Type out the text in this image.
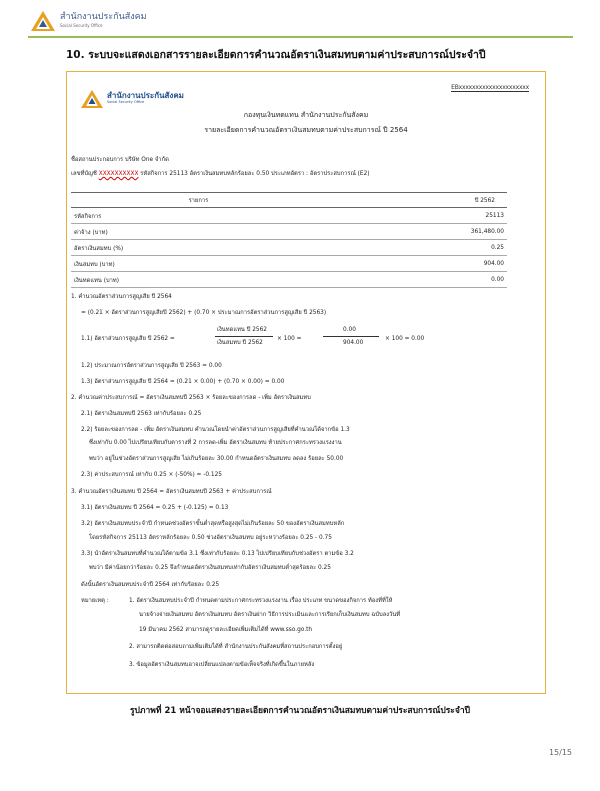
สำนักงานประกันสังคม
Social Security Office
10. ระบบจะแสดงเอกสารรายละเอียดการคำนวณอัตราเงินสมทบตามค่าประสบการณ์ประจำปี
EBxxxxxxxxxxxxxxxxxxxxx
สำนักงานประกันสังคม
Social Security Office
กองทุนเงินทดแทน สำนักงานประกันสังคม
รายละเอียดการคำนวณอัตราเงินสมทบตามค่าประสบการณ์ ปี 2564
ชื่อสถานประกอบการ บริษัท One จำกัด
เลขที่บัญชี XXXXXXXXXX รหัสกิจการ 25113 อัตราเงินสมทบหลักร้อยละ 0.50 ประเภทอัตรา : อัตราประสบการณ์ (E2)
รายการ	ปี 2562
รหัสกิจการ	25113
ค่าจ้าง (บาท)	361,480.00
อัตราเงินสมทบ (%)	0.25
เงินสมทบ (บาท)	904.00
เงินทดแทน (บาท)	0.00
1. คำนวณอัตราส่วนการสูญเสีย ปี 2564
= (0.21 × อัตราส่วนการสูญเสียปี 2562) + (0.70 × ประมาณการอัตราส่วนการสูญเสีย ปี 2563)
1.1) อัตราส่วนการสูญเสีย ปี 2562 =
เงินทดแทน ปี 2562
เงินสมทบ ปี 2562
× 100 =
0.00
904.00
× 100 = 0.00
1.2) ประมาณการอัตราส่วนการสูญเสีย ปี 2563 = 0.00
1.3) อัตราส่วนการสูญเสีย ปี 2564 = (0.21 × 0.00) + (0.70 × 0.00) = 0.00
2. คำนวณค่าประสบการณ์ = อัตราเงินสมทบปี 2563 × ร้อยละของการลด - เพิ่ม อัตราเงินสมทบ
2.1) อัตราเงินสมทบปี 2563 เท่ากับร้อยละ 0.25
2.2) ร้อยละของการลด - เพิ่ม อัตราเงินสมทบ คำนวณโดยนำค่าอัตราส่วนการสูญเสียที่คำนวณได้จากข้อ 1.3
ซึ่งเท่ากับ 0.00 ไปเปรียบเทียบกับตารางที่ 2 การลด-เพิ่ม อัตราเงินสมทบ ท้ายประกาศกระทรวงแรงงาน
พบว่า อยู่ในช่วงอัตราส่วนการสูญเสีย ไม่เกินร้อยละ 30.00 กำหนดอัตราเงินสมทบ ลดลง ร้อยละ 50.00
2.3) ค่าประสบการณ์ เท่ากับ 0.25 × (-50%) = -0.125
3. คำนวณอัตราเงินสมทบ ปี 2564 = อัตราเงินสมทบปี 2563 + ค่าประสบการณ์
3.1) อัตราเงินสมทบ ปี 2564 = 0.25 + (-0.125) = 0.13
3.2) อัตราเงินสมทบประจำปี กำหนดช่วงอัตราขั้นต่ำสุดหรือสูงสุดไม่เกินร้อยละ 50 ของอัตราเงินสมทบหลัก
โดยรหัสกิจการ 25113 อัตราหลักร้อยละ 0.50 ช่วงอัตราเงินสมทบ อยู่ระหว่างร้อยละ 0.25 - 0.75
3.3) นำอัตราเงินสมทบที่คำนวณได้ตามข้อ 3.1 ซึ่งเท่ากับร้อยละ 0.13 ไปเปรียบเทียบกับช่วงอัตรา ตามข้อ 3.2
พบว่า มีค่าน้อยกว่าร้อยละ 0.25 จึงกำหนดอัตราเงินสมทบเท่ากับอัตราเงินสมทบต่ำสุดร้อยละ 0.25
ดังนั้นอัตราเงินสมทบประจำปี 2564 เท่ากับร้อยละ 0.25
หมายเหตุ :	1. อัตราเงินสมทบประจำปี กำหนดตามประกาศกระทรวงแรงงาน เรื่อง ประเภท ขนาดของกิจการ ท้องที่ที่ให้
นายจ้างจ่ายเงินสมทบ อัตราเงินสมทบ อัตราเงินฝาก วิธีการประเมินและการเรียกเก็บเงินสมทบ ฉบับลงวันที่
19 มีนาคม 2562 สามารถดูรายละเอียดเพิ่มเติมได้ที่ www.sso.go.th
2. สามารถติดต่อสอบถามเพิ่มเติมได้ที่ สำนักงานประกันสังคมที่สถานประกอบการตั้งอยู่
3. ข้อมูลอัตราเงินสมทบอาจเปลี่ยนแปลงตามข้อเท็จจริงที่เกิดขึ้นในภายหลัง
รูปภาพที่ 21 หน้าจอแสดงรายละเอียดการคำนวณอัตราเงินสมทบตามค่าประสบการณ์ประจำปี
15/15
